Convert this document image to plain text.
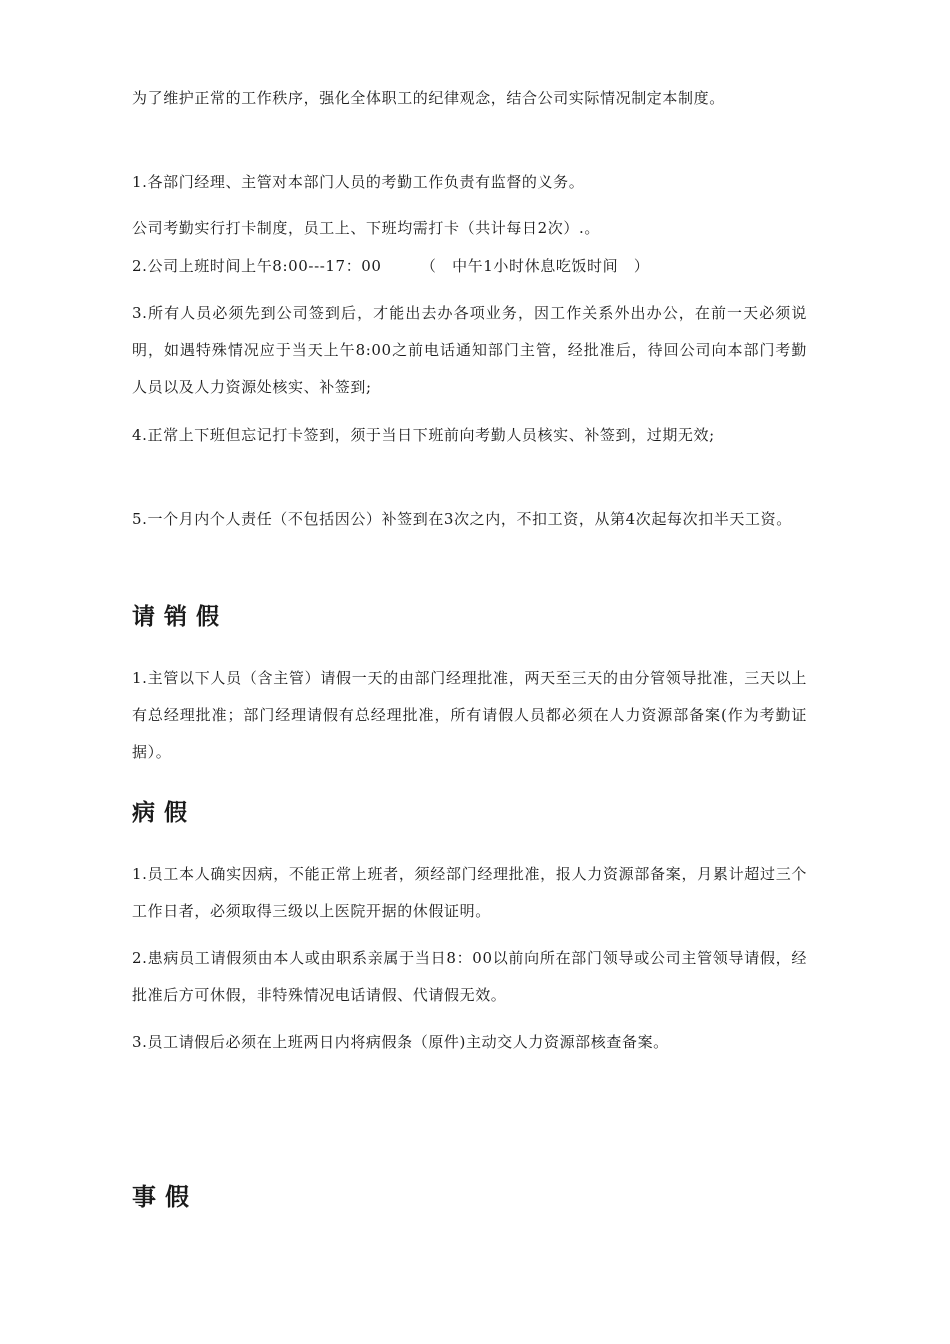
为了维护正常的工作秩序，强化全体职工的纪律观念，结合公司实际情况制定本制度。

1.各部门经理、主管对本部门人员的考勤工作负责有监督的义务。

公司考勤实行打卡制度，员工上、下班均需打卡（共计每日2次）.。

2.公司上班时间上午8:00---17：00　　　（　中午1小时休息吃饭时间　）

3.所有人员必须先到公司签到后，才能出去办各项业务，因工作关系外出办公，在前一天必须说明，如遇特殊情况应于当天上午8:00之前电话通知部门主管，经批准后，待回公司向本部门考勤人员以及人力资源处核实、补签到;

4.正常上下班但忘记打卡签到，须于当日下班前向考勤人员核实、补签到，过期无效;

5.一个月内个人责任（不包括因公）补签到在3次之内，不扣工资，从第4次起每次扣半天工资。

请销假

1.主管以下人员（含主管）请假一天的由部门经理批准，两天至三天的由分管领导批准，三天以上有总经理批准；部门经理请假有总经理批准，所有请假人员都必须在人力资源部备案(作为考勤证据）。

病假

1.员工本人确实因病，不能正常上班者，须经部门经理批准，报人力资源部备案，月累计超过三个工作日者，必须取得三级以上医院开据的休假证明。

2.患病员工请假须由本人或由职系亲属于当日8：00以前向所在部门领导或公司主管领导请假，经批准后方可休假，非特殊情况电话请假、代请假无效。

3.员工请假后必须在上班两日内将病假条（原件)主动交人力资源部核查备案。

事假
